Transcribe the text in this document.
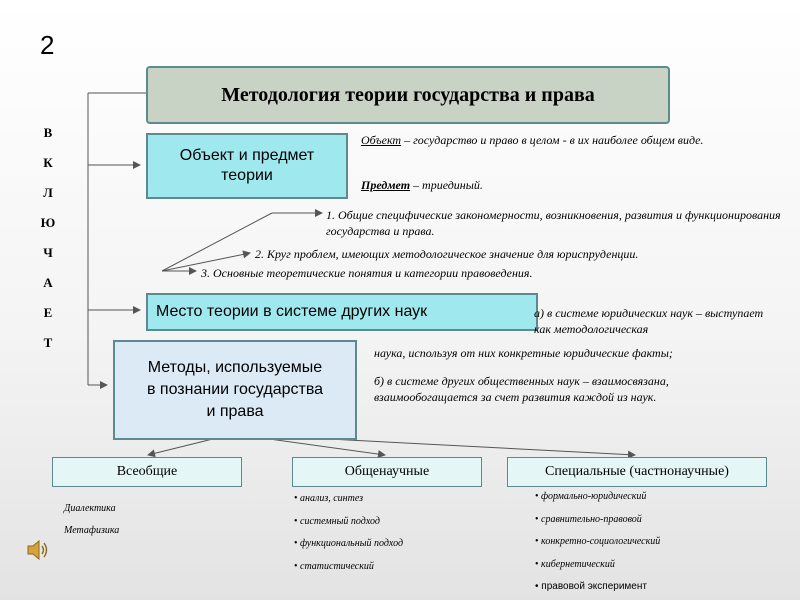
2
В
К
Л
Ю
Ч
А
Е
Т
Методология теории государства и права
Объект и предмет
теории
Объект – государство и право в целом - в их наиболее общем виде.
Предмет – триединый.
1. Общие специфические закономерности, возникновения, развития и функционирования государства и права.
2. Круг проблем, имеющих методологическое значение для юриспруденции.
3. Основные теоретические понятия и категории правоведения.
Место теории в системе других наук	а) в системе юридических наук – выступает как методологическая
наука, используя от них конкретные юридические факты;
б) в системе других общественных наук – взаимосвязана, взаимообогащается за счет развития каждой из наук.
Методы, используемые
в познании государства
и права
Всеобщие	Общенаучные	Специальные (частнонаучные)
Диалектика
Метафизика
• анализ, синтез
• системный подход
• функциональный подход
• статистический
• формально-юридический
• сравнительно-правовой
• конкретно-социологический
• кибернетический
• правовой эксперимент
